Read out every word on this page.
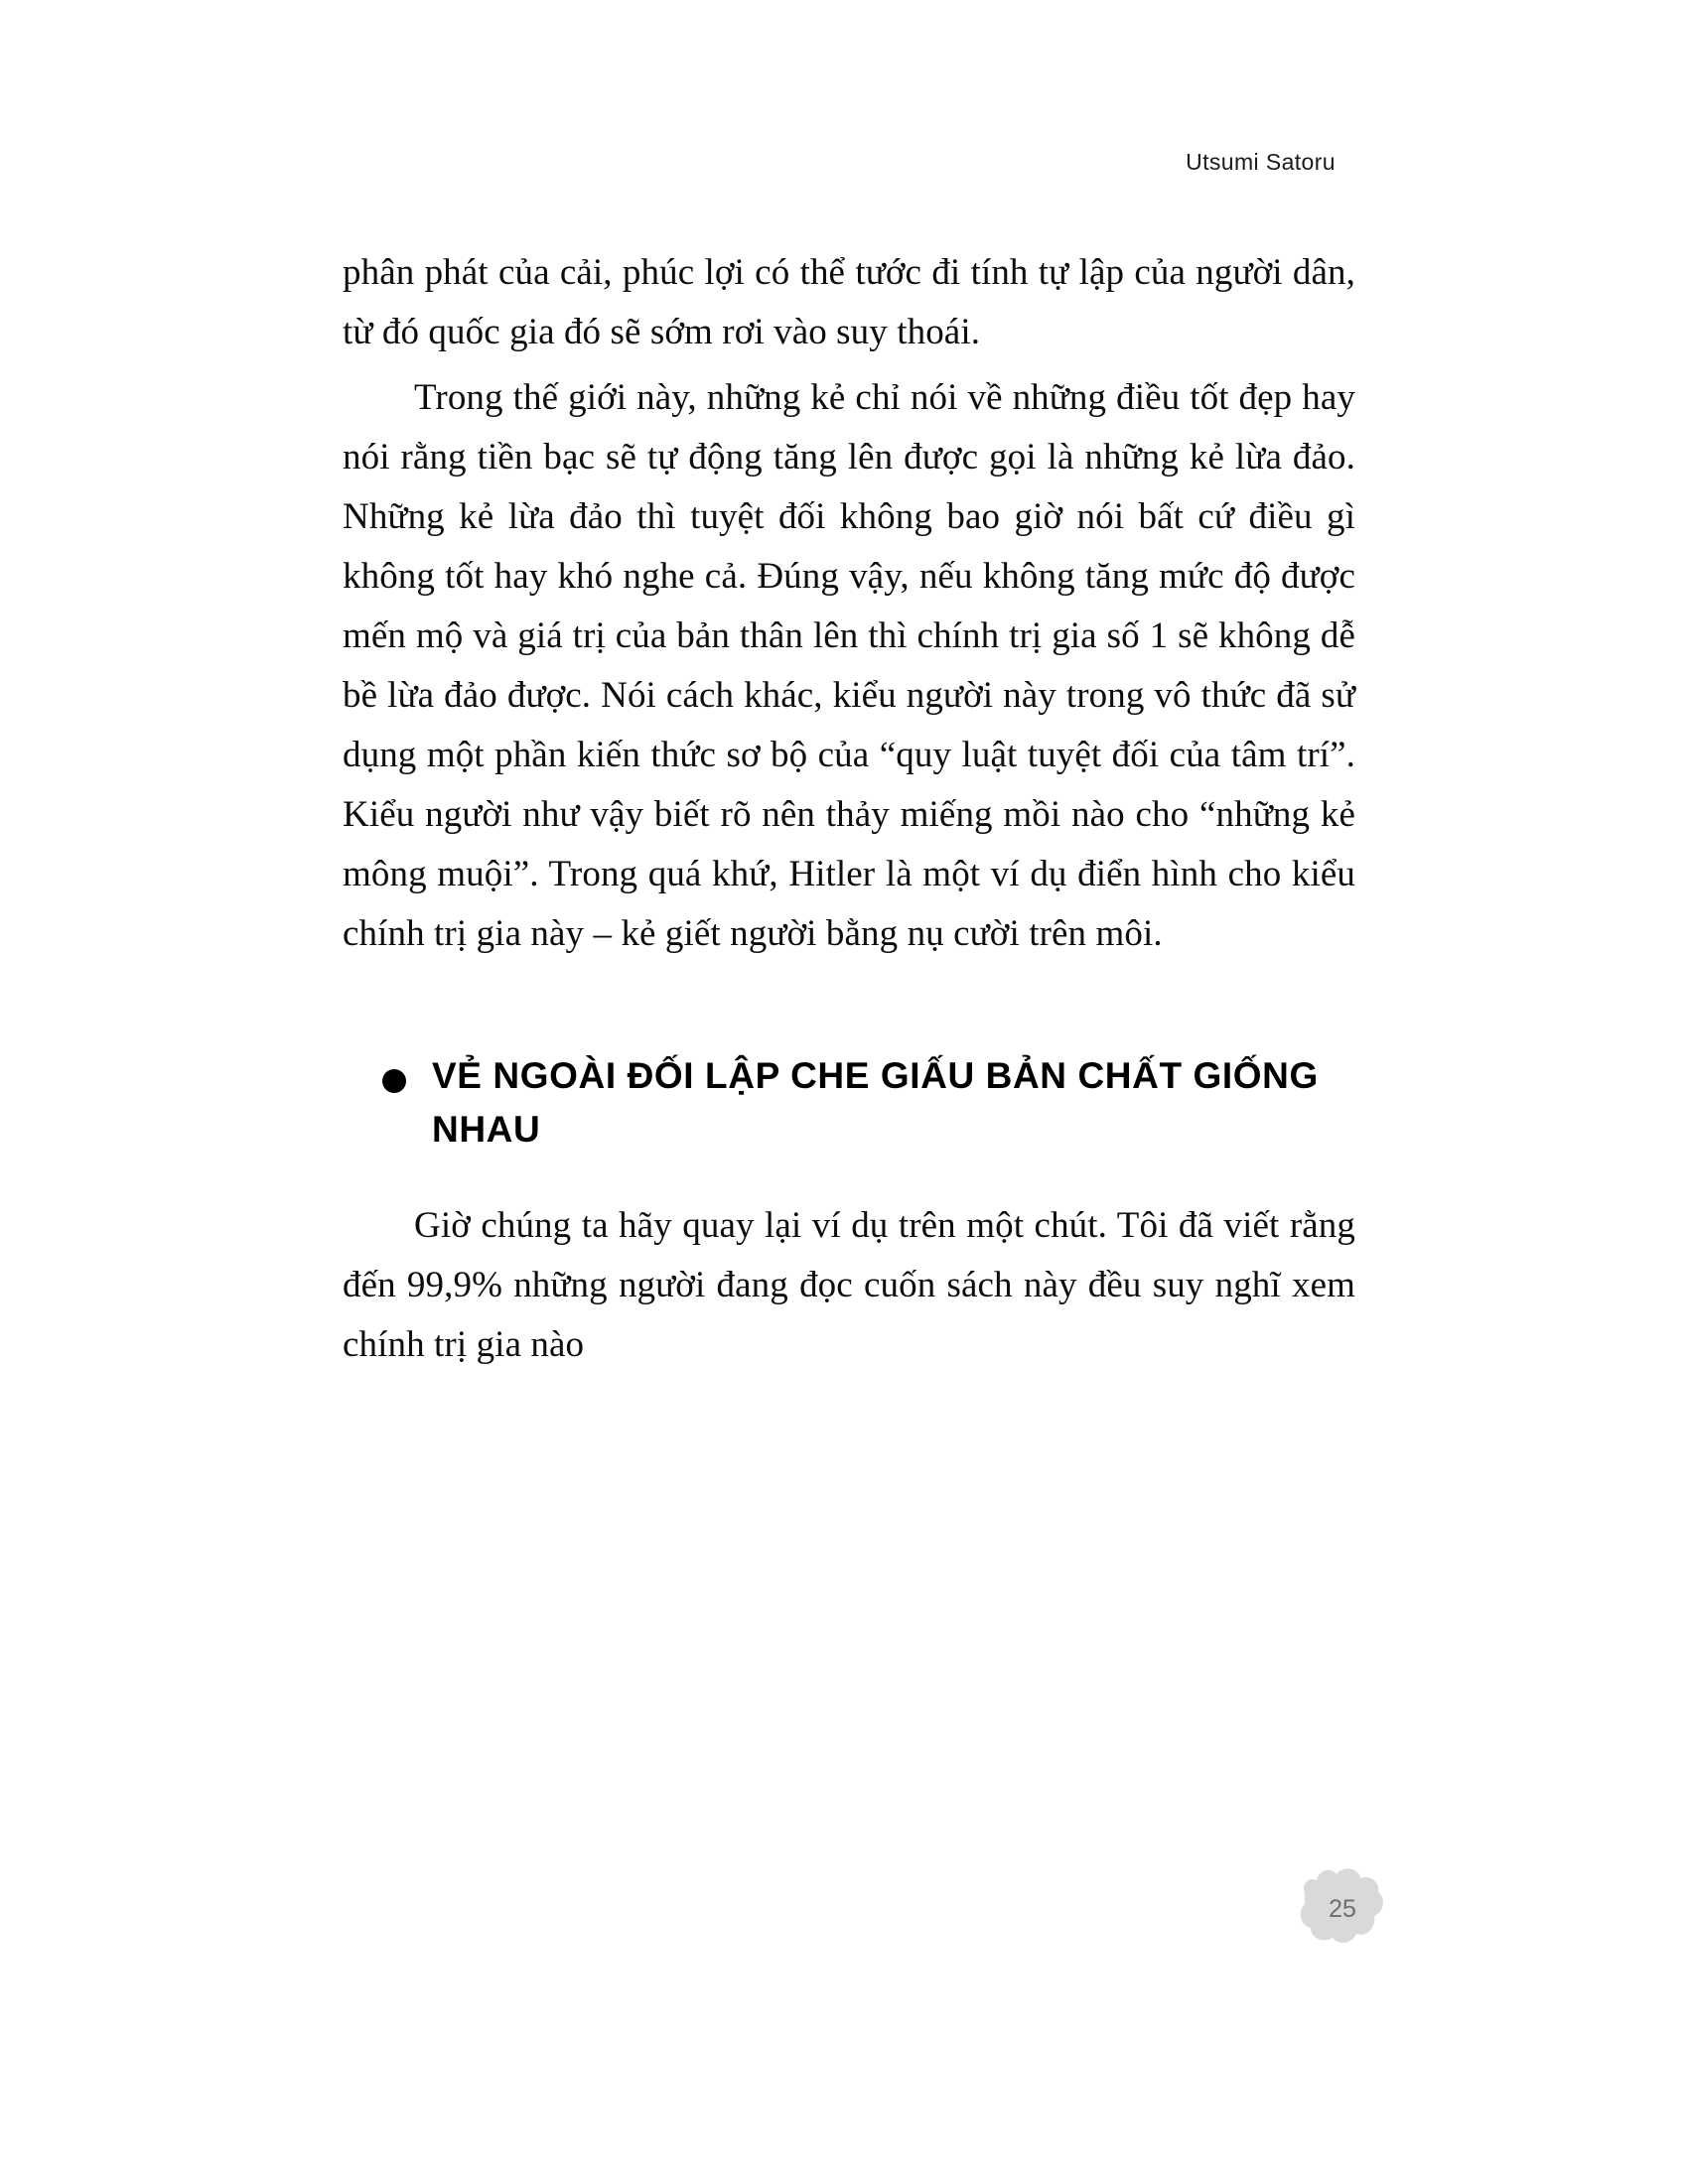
Utsumi Satoru

phân phát của cải, phúc lợi có thể tước đi tính tự lập của người dân, từ đó quốc gia đó sẽ sớm rơi vào suy thoái.

Trong thế giới này, những kẻ chỉ nói về những điều tốt đẹp hay nói rằng tiền bạc sẽ tự động tăng lên được gọi là những kẻ lừa đảo. Những kẻ lừa đảo thì tuyệt đối không bao giờ nói bất cứ điều gì không tốt hay khó nghe cả. Đúng vậy, nếu không tăng mức độ được mến mộ và giá trị của bản thân lên thì chính trị gia số 1 sẽ không dễ bề lừa đảo được. Nói cách khác, kiểu người này trong vô thức đã sử dụng một phần kiến thức sơ bộ của “quy luật tuyệt đối của tâm trí”. Kiểu người như vậy biết rõ nên thảy miếng mồi nào cho “những kẻ mông muội”. Trong quá khứ, Hitler là một ví dụ điển hình cho kiểu chính trị gia này – kẻ giết người bằng nụ cười trên môi.

VẺ NGOÀI ĐỐI LẬP CHE GIẤU BẢN CHẤT GIỐNG NHAU

Giờ chúng ta hãy quay lại ví dụ trên một chút. Tôi đã viết rằng đến 99,9% những người đang đọc cuốn sách này đều suy nghĩ xem chính trị gia nào

25
